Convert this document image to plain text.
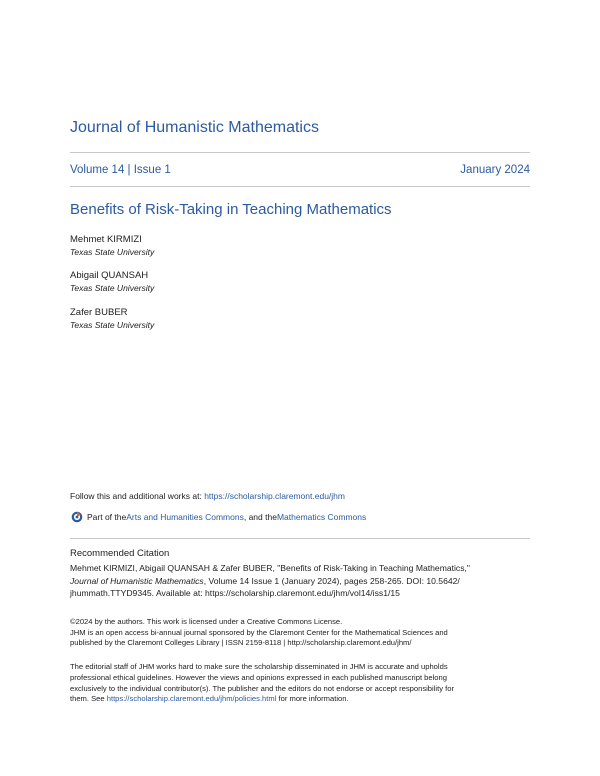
Journal of Humanistic Mathematics
Volume 14 | Issue 1	January 2024
Benefits of Risk-Taking in Teaching Mathematics
Mehmet KIRMIZI
Texas State University
Abigail QUANSAH
Texas State University
Zafer BUBER
Texas State University
Follow this and additional works at: https://scholarship.claremont.edu/jhm
Part of the Arts and Humanities Commons , and the Mathematics Commons
Recommended Citation
Mehmet KIRMIZI, Abigail QUANSAH & Zafer BUBER, "Benefits of Risk-Taking in Teaching Mathematics,"
Journal of Humanistic Mathematics, Volume 14 Issue 1 (January 2024), pages 258-265. DOI: 10.5642/
jhummath.TTYD9345. Available at: https://scholarship.claremont.edu/jhm/vol14/iss1/15
©2024 by the authors. This work is licensed under a Creative Commons License.
JHM is an open access bi-annual journal sponsored by the Claremont Center for the Mathematical Sciences and
published by the Claremont Colleges Library | ISSN 2159-8118 | http://scholarship.claremont.edu/jhm/
The editorial staff of JHM works hard to make sure the scholarship disseminated in JHM is accurate and upholds
professional ethical guidelines. However the views and opinions expressed in each published manuscript belong
exclusively to the individual contributor(s). The publisher and the editors do not endorse or accept responsibility for
them. See https://scholarship.claremont.edu/jhm/policies.html for more information.
